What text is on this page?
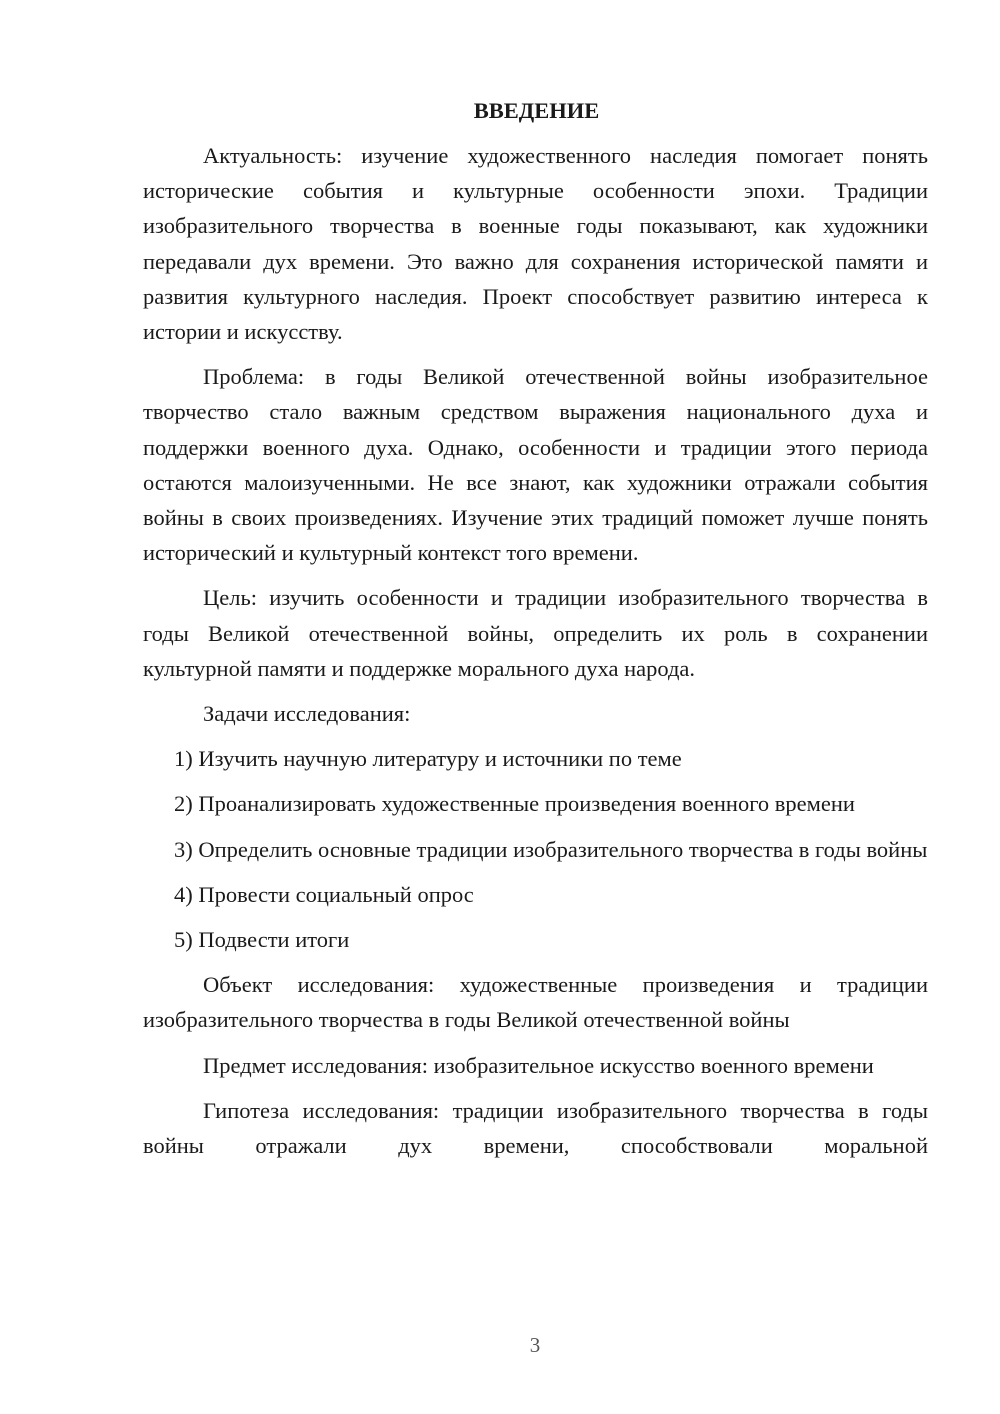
ВВЕДЕНИЕ

Актуальность: изучение художественного наследия помогает понять исторические события и культурные особенности эпохи. Традиции изобразительного творчества в военные годы показывают, как художники передавали дух времени. Это важно для сохранения исторической памяти и развития культурного наследия. Проект способствует развитию интереса к истории и искусству.

Проблема: в годы Великой отечественной войны изобразительное творчество стало важным средством выражения национального духа и поддержки военного духа. Однако, особенности и традиции этого периода остаются малоизученными. Не все знают, как художники отражали события войны в своих произведениях. Изучение этих традиций поможет лучше понять исторический и культурный контекст того времени.

Цель: изучить особенности и традиции изобразительного творчества в годы Великой отечественной войны, определить их роль в сохранении культурной памяти и поддержке морального духа народа.

Задачи исследования:

1) Изучить научную литературу и источники по теме

2) Проанализировать художественные произведения военного времени

3) Определить основные традиции изобразительного творчества в годы войны

4) Провести социальный опрос

5) Подвести итоги

Объект исследования: художественные произведения и традиции изобразительного творчества в годы Великой отечественной войны

Предмет исследования: изобразительное искусство военного времени

Гипотеза исследования: традиции изобразительного творчества в годы войны отражали дух времени, способствовали моральной

3
